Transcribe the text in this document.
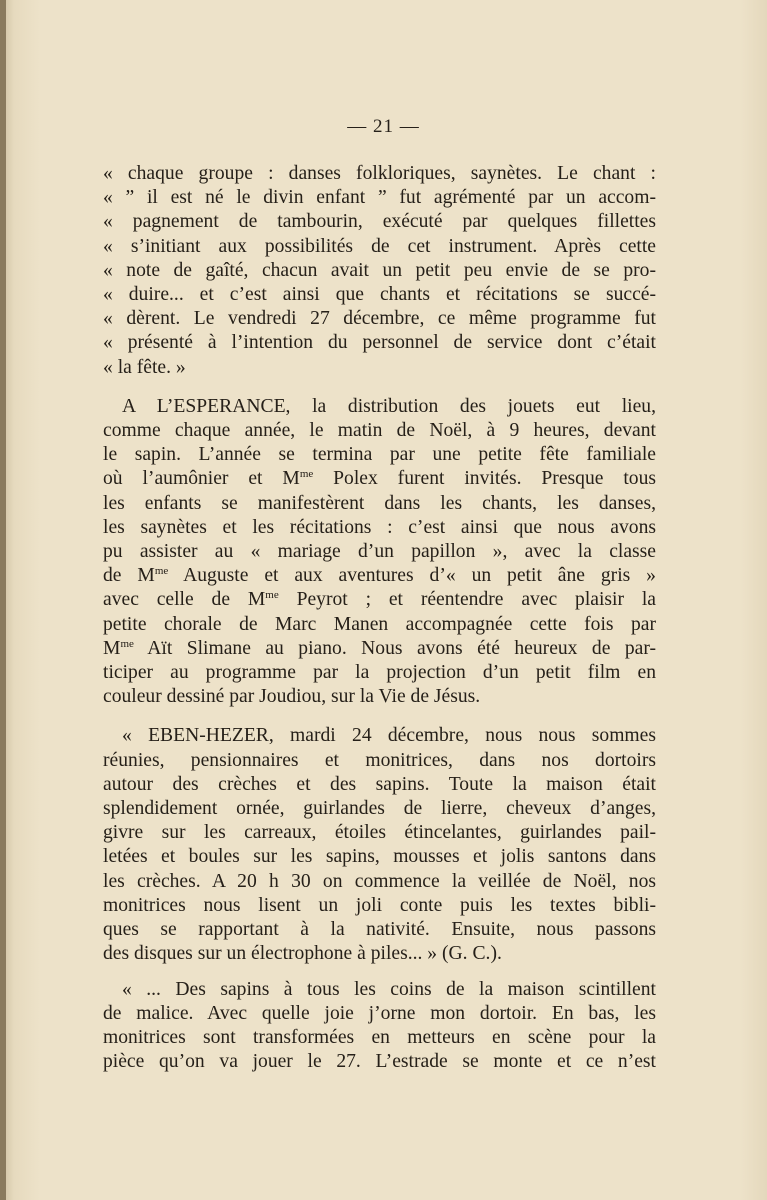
— 21 —
« chaque groupe : danses folkloriques, saynètes. Le chant :
« ” il est né le divin enfant ” fut agrémenté par un accom-
« pagnement de tambourin, exécuté par quelques fillettes
« s’initiant aux possibilités de cet instrument. Après cette
« note de gaîté, chacun avait un petit peu envie de se pro-
« duire... et c’est ainsi que chants et récitations se succé-
« dèrent. Le vendredi 27 décembre, ce même programme fut
« présenté à l’intention du personnel de service dont c’était
« la fête. »
A L’ESPERANCE, la distribution des jouets eut lieu,
comme chaque année, le matin de Noël, à 9 heures, devant
le sapin. L’année se termina par une petite fête familiale
où l’aumônier et $M^{me}$ Polex furent invités. Presque tous
les enfants se manifestèrent dans les chants, les danses,
les saynètes et les récitations : c’est ainsi que nous avons
pu assister au « mariage d’un papillon », avec la classe
de $M^{me}$ Auguste et aux aventures d’« un petit âne gris »
avec celle de $M^{me}$ Peyrot ; et réentendre avec plaisir la
petite chorale de Marc Manen accompagnée cette fois par
$M^{me}$ Aït Slimane au piano. Nous avons été heureux de par-
ticiper au programme par la projection d’un petit film en
couleur dessiné par Joudiou, sur la Vie de Jésus.
« EBEN-HEZER, mardi 24 décembre, nous nous sommes
réunies, pensionnaires et monitrices, dans nos dortoirs
autour des crèches et des sapins. Toute la maison était
splendidement ornée, guirlandes de lierre, cheveux d’anges,
givre sur les carreaux, étoiles étincelantes, guirlandes pail-
letées et boules sur les sapins, mousses et jolis santons dans
les crèches. A 20 h 30 on commence la veillée de Noël, nos
monitrices nous lisent un joli conte puis les textes bibli-
ques se rapportant à la nativité. Ensuite, nous passons
des disques sur un électrophone à piles... » (G. C.).
« ... Des sapins à tous les coins de la maison scintillent
de malice. Avec quelle joie j’orne mon dortoir. En bas, les
monitrices sont transformées en metteurs en scène pour la
pièce qu’on va jouer le 27. L’estrade se monte et ce n’est
